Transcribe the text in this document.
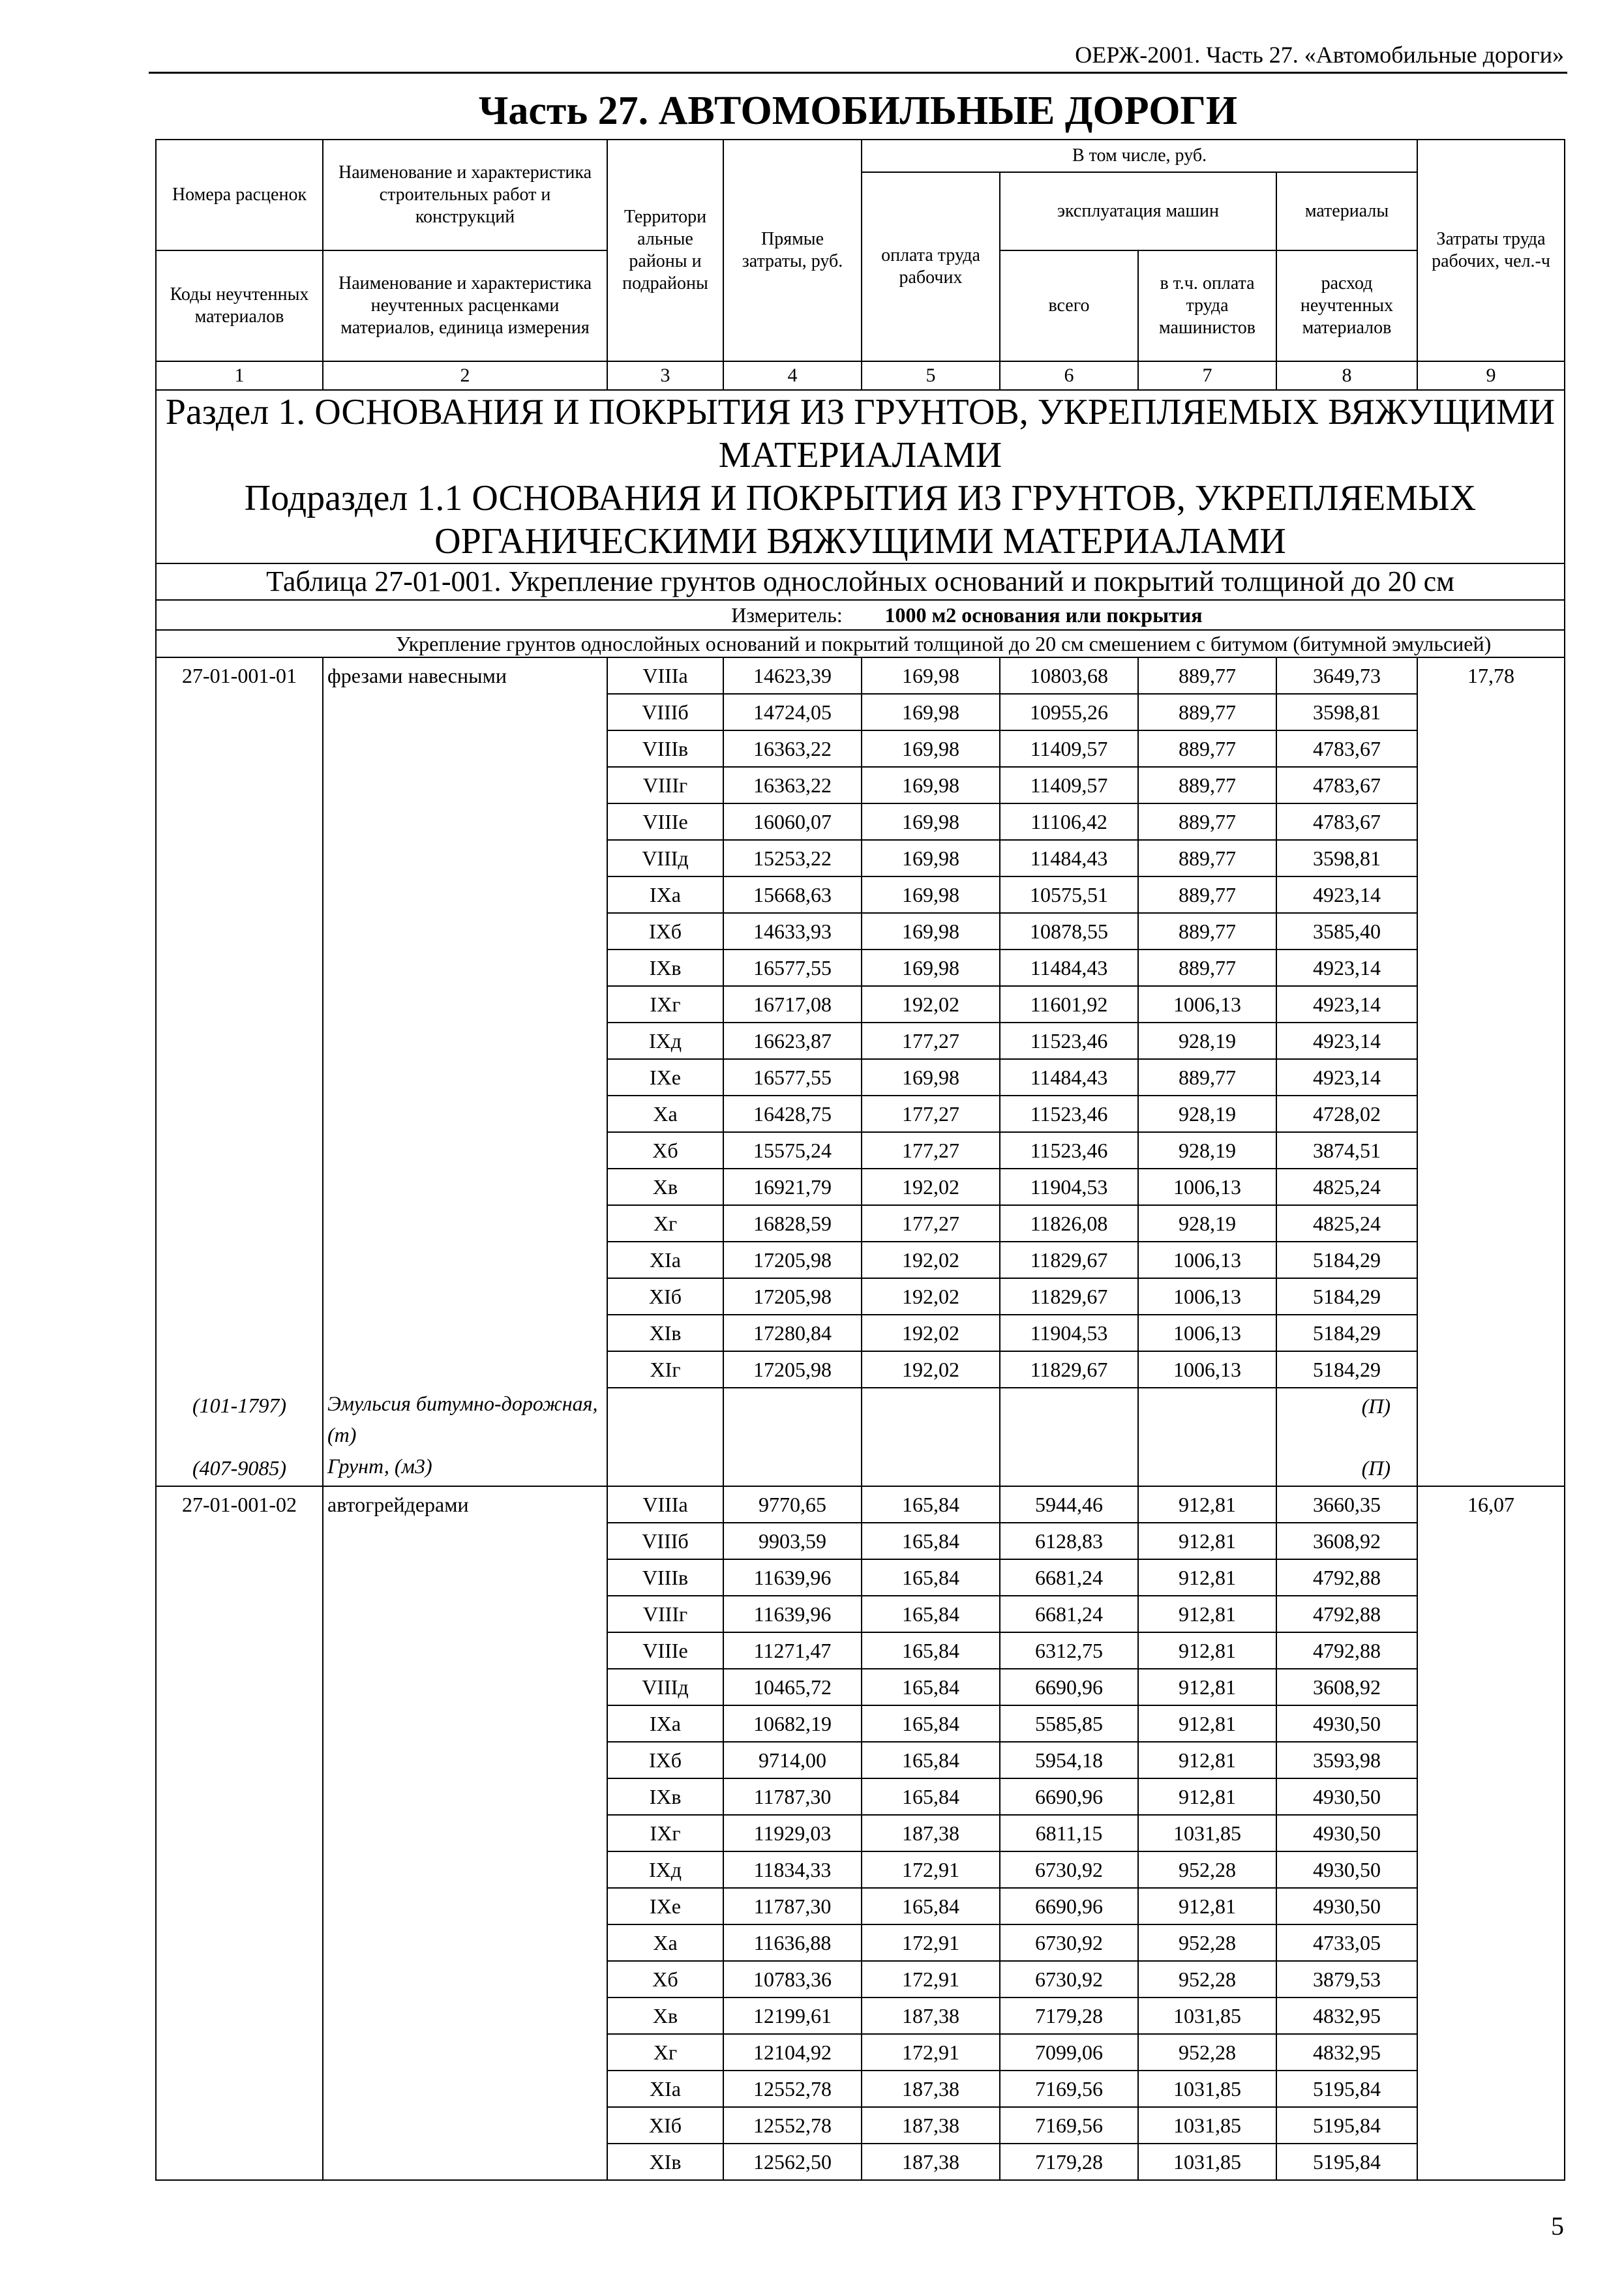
ОЕРЖ-2001. Часть 27. «Автомобильные дороги»
Часть 27. АВТОМОБИЛЬНЫЕ ДОРОГИ
Номера расценок	Наименование и характеристика строительных работ и конструкций	Территори альные районы и подрайоны	Прямые затраты, руб.	В том числе, руб.				Затраты труда рабочих, чел.-ч
				оплата труда рабочих	эксплуатация машин		материалы	
Коды неучтенных материалов	Наименование и характеристика неучтенных расценками материалов, единица измерения				всего	в т.ч. оплата труда машинистов	расход неучтенных материалов	
1	2	3	4	5	6	7	8	9

Раздел 1. ОСНОВАНИЯ И ПОКРЫТИЯ ИЗ ГРУНТОВ, УКРЕПЛЯЕМЫХ ВЯЖУЩИМИ МАТЕРИАЛАМИ
Подраздел 1.1 ОСНОВАНИЯ И ПОКРЫТИЯ ИЗ ГРУНТОВ, УКРЕПЛЯЕМЫХ ОРГАНИЧЕСКИМИ ВЯЖУЩИМИ МАТЕРИАЛАМИ								

Таблица 27-01-001. Укрепление грунтов однослойных оснований и покрытий толщиной до 20 см								

Измеритель: 1000 м2 основания или покрытия								
	Укрепление грунтов однослойных оснований и покрытий толщиной до 20 см смешением с битумом (битумной эмульсией)							
27-01-001-01	фрезами навесными	VIIIа	14623,39	169,98	10803,68	889,77	3649,73	17,78
		VIIIб	14724,05	169,98	10955,26	889,77	3598,81	
		VIIIв	16363,22	169,98	11409,57	889,77	4783,67	
		VIIIг	16363,22	169,98	11409,57	889,77	4783,67	
		VIIIе	16060,07	169,98	11106,42	889,77	4783,67	
		VIIIд	15253,22	169,98	11484,43	889,77	3598,81	
		IXа	15668,63	169,98	10575,51	889,77	4923,14	
		IXб	14633,93	169,98	10878,55	889,77	3585,40	
		IXв	16577,55	169,98	11484,43	889,77	4923,14	
		IXг	16717,08	192,02	11601,92	1006,13	4923,14	
		IXд	16623,87	177,27	11523,46	928,19	4923,14	
		IXе	16577,55	169,98	11484,43	889,77	4923,14	
		Xа	16428,75	177,27	11523,46	928,19	4728,02	
		Xб	15575,24	177,27	11523,46	928,19	3874,51	
		Xв	16921,79	192,02	11904,53	1006,13	4825,24	
		Xг	16828,59	177,27	11826,08	928,19	4825,24	
		XIа	17205,98	192,02	11829,67	1006,13	5184,29	
		XIб	17205,98	192,02	11829,67	1006,13	5184,29	
		XIв	17280,84	192,02	11904,53	1006,13	5184,29	
		XIг	17205,98	192,02	11829,67	1006,13	5184,29	
(101-1797)	Эмульсия битумно-дорожная, (т)						(П)	
(407-9085)	Грунт, (м3)						(П)	
27-01-001-02	автогрейдерами	VIIIа	9770,65	165,84	5944,46	912,81	3660,35	16,07
		VIIIб	9903,59	165,84	6128,83	912,81	3608,92	
		VIIIв	11639,96	165,84	6681,24	912,81	4792,88	
		VIIIг	11639,96	165,84	6681,24	912,81	4792,88	
		VIIIе	11271,47	165,84	6312,75	912,81	4792,88	
		VIIIд	10465,72	165,84	6690,96	912,81	3608,92	
		IXа	10682,19	165,84	5585,85	912,81	4930,50	
		IXб	9714,00	165,84	5954,18	912,81	3593,98	
		IXв	11787,30	165,84	6690,96	912,81	4930,50	
		IXг	11929,03	187,38	6811,15	1031,85	4930,50	
		IXд	11834,33	172,91	6730,92	952,28	4930,50	
		IXе	11787,30	165,84	6690,96	912,81	4930,50	
		Xа	11636,88	172,91	6730,92	952,28	4733,05	
		Xб	10783,36	172,91	6730,92	952,28	3879,53	
		Xв	12199,61	187,38	7179,28	1031,85	4832,95	
		Xг	12104,92	172,91	7099,06	952,28	4832,95	
		XIа	12552,78	187,38	7169,56	1031,85	5195,84	
		XIб	12552,78	187,38	7169,56	1031,85	5195,84	
		XIв	12562,50	187,38	7179,28	1031,85	5195,84	
5
